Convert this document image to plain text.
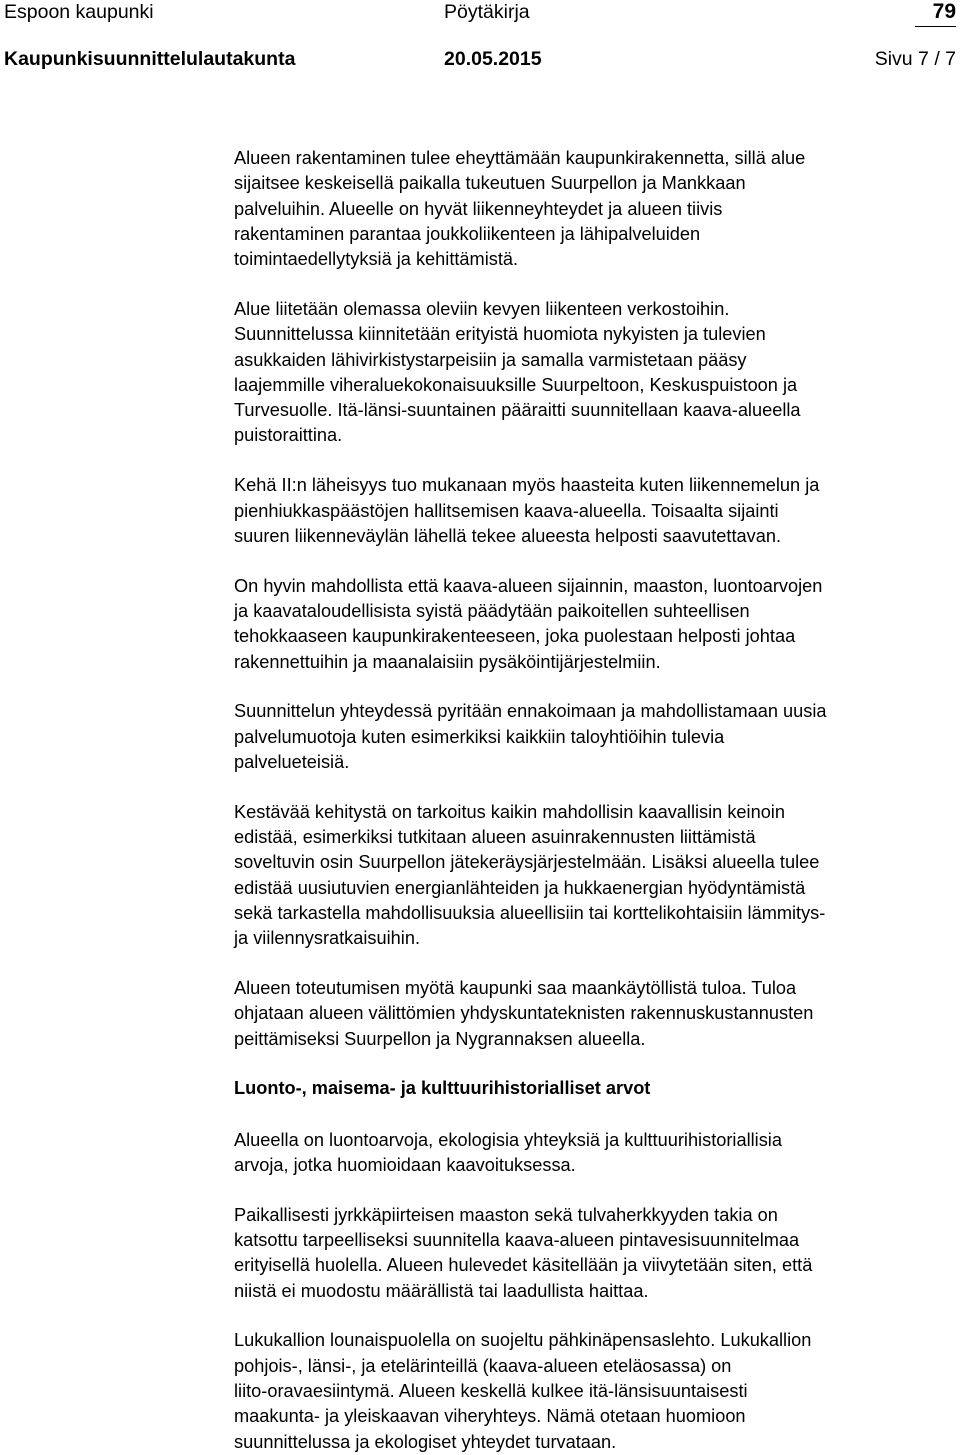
Espoon kaupunki	Pöytäkirja	79
Kaupunkisuunnittelulautakunta	20.05.2015	Sivu 7 / 7

Alueen rakentaminen tulee eheyttämään kaupunkirakennetta, sillä alue
sijaitsee keskeisellä paikalla tukeutuen Suurpellon ja Mankkaan
palveluihin. Alueelle on hyvät liikenneyhteydet ja alueen tiivis
rakentaminen parantaa joukkoliikenteen ja lähipalveluiden
toimintaedellytyksiä ja kehittämistä.

Alue liitetään olemassa oleviin kevyen liikenteen verkostoihin.
Suunnittelussa kiinnitetään erityistä huomiota nykyisten ja tulevien
asukkaiden lähivirkistystarpeisiin ja samalla varmistetaan pääsy
laajemmille viheraluekokonaisuuksille Suurpeltoon, Keskuspuistoon ja
Turvesuolle. Itä-länsi-suuntainen pääraitti suunnitellaan kaava-alueella
puistoraittina.

Kehä II:n läheisyys tuo mukanaan myös haasteita kuten liikennemelun ja
pienhiukkaspäästöjen hallitsemisen kaava-alueella. Toisaalta sijainti
suuren liikenneväylän lähellä tekee alueesta helposti saavutettavan.

On hyvin mahdollista että kaava-alueen sijainnin, maaston, luontoarvojen
ja kaavataloudellisista syistä päädytään paikoitellen suhteellisen
tehokkaaseen kaupunkirakenteeseen, joka puolestaan helposti johtaa
rakennettuihin ja maanalaisiin pysäköintijärjestelmiin.

Suunnittelun yhteydessä pyritään ennakoimaan ja mahdollistamaan uusia
palvelumuotoja kuten esimerkiksi kaikkiin taloyhtiöihin tulevia
palvelueteisiä.

Kestävää kehitystä on tarkoitus kaikin mahdollisin kaavallisin keinoin
edistää, esimerkiksi tutkitaan alueen asuinrakennusten liittämistä
soveltuvin osin Suurpellon jätekeräysjärjestelmään. Lisäksi alueella tulee
edistää uusiutuvien energianlähteiden ja hukkaenergian hyödyntämistä
sekä tarkastella mahdollisuuksia alueellisiin tai korttelikohtaisiin lämmitys-
ja viilennysratkaisuihin.

Alueen toteutumisen myötä kaupunki saa maankäytöllistä tuloa. Tuloa
ohjataan alueen välittömien yhdyskuntateknisten rakennuskustannusten
peittämiseksi Suurpellon ja Nygrannaksen alueella.

Luonto-, maisema- ja kulttuurihistorialliset arvot

Alueella on luontoarvoja, ekologisia yhteyksiä ja kulttuurihistoriallisia
arvoja, jotka huomioidaan kaavoituksessa.

Paikallisesti jyrkkäpiirteisen maaston sekä tulvaherkkyyden takia on
katsottu tarpeelliseksi suunnitella kaava-alueen pintavesisuunnitelmaa
erityisellä huolella. Alueen hulevedet käsitellään ja viivytetään siten, että
niistä ei muodostu määrällistä tai laadullista haittaa.

Lukukallion lounaispuolella on suojeltu pähkinäpensaslehto. Lukukallion
pohjois-, länsi-, ja etelärinteillä (kaava-alueen eteläosassa) on
liito-oravaesiintymä. Alueen keskellä kulkee itä-länsisuuntaisesti
maakunta- ja yleiskaavan viheryhteys. Nämä otetaan huomioon
suunnittelussa ja ekologiset yhteydet turvataan.
